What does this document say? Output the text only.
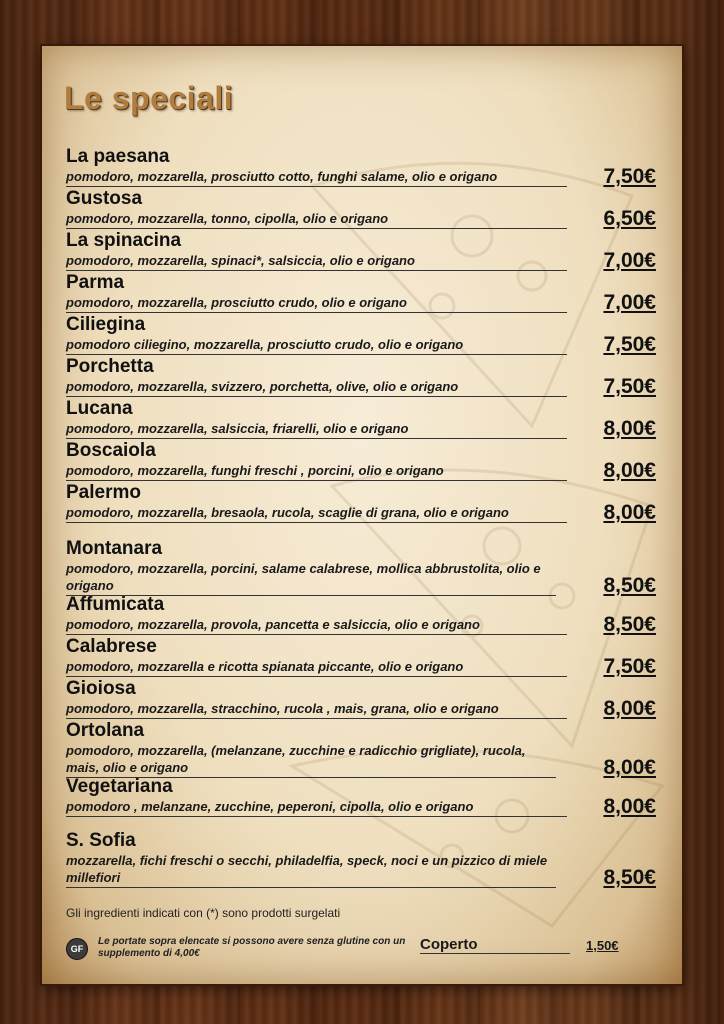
Le speciali
La paesana
pomodoro, mozzarella, prosciutto cotto, funghi salame, olio e origano	7,50€
Gustosa
pomodoro, mozzarella, tonno, cipolla, olio e origano	6,50€
La spinacina
pomodoro, mozzarella, spinaci*, salsiccia, olio e origano	7,00€
Parma
pomodoro, mozzarella, prosciutto crudo, olio e origano	7,00€
Ciliegina
pomodoro ciliegino, mozzarella, prosciutto crudo, olio e origano	7,50€
Porchetta
pomodoro, mozzarella, svizzero, porchetta, olive, olio e origano	7,50€
Lucana
pomodoro, mozzarella, salsiccia, friarelli, olio e origano	8,00€
Boscaiola
pomodoro, mozzarella, funghi freschi , porcini, olio e origano	8,00€
Palermo
pomodoro, mozzarella, bresaola, rucola, scaglie di grana, olio e origano	8,00€
Montanara
pomodoro, mozzarella, porcini, salame calabrese, mollica abbrustolita, olio e origano	8,50€
Affumicata
pomodoro, mozzarella, provola, pancetta e salsiccia, olio e origano	8,50€
Calabrese
pomodoro, mozzarella e ricotta spianata piccante, olio e origano	7,50€
Gioiosa
pomodoro, mozzarella, stracchino, rucola , mais, grana, olio e origano	8,00€
Ortolana
pomodoro, mozzarella, (melanzane, zucchine e radicchio grigliate), rucola, mais, olio e origano	8,00€
Vegetariana
pomodoro , melanzane, zucchine, peperoni, cipolla, olio e origano	8,00€
S. Sofia
mozzarella, fichi freschi o secchi, philadelfia, speck, noci e un pizzico di miele millefiori	8,50€
Gli ingredienti indicati con (*) sono prodotti surgelati
GF
Le portate sopra elencate si possono avere senza glutine con un supplemento di 4,00€
Coperto	1,50€
